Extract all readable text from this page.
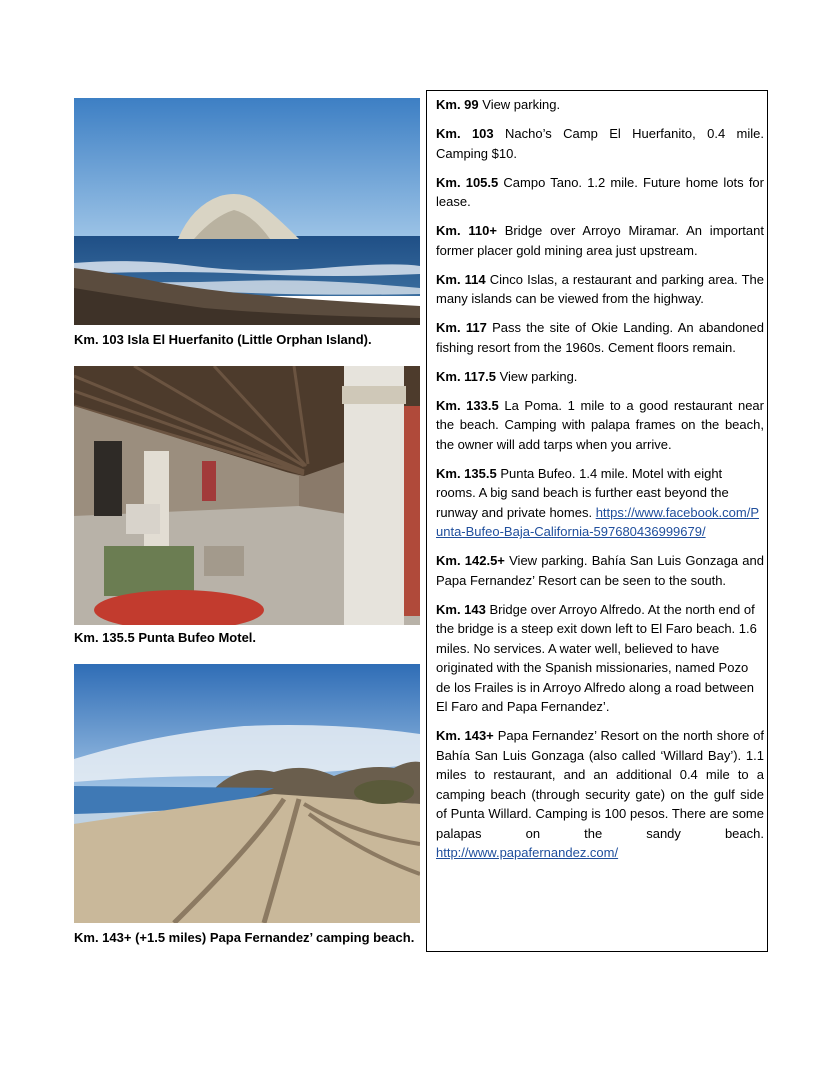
Km. 103 Isla El Huerfanito (Little Orphan Island).
Km. 135.5 Punta Bufeo Motel.
Km. 143+ (+1.5 miles) Papa Fernandez’ camping beach.

Km. 99 View parking.

Km. 103 Nacho’s Camp El Huerfanito, 0.4 mile. Camping $10.

Km. 105.5 Campo Tano. 1.2 mile. Future home lots for lease.

Km. 110+ Bridge over Arroyo Miramar. An important former placer gold mining area just upstream.

Km. 114 Cinco Islas, a restaurant and parking area. The many islands can be viewed from the highway.

Km. 117 Pass the site of Okie Landing. An abandoned fishing resort from the 1960s. Cement floors remain.

Km. 117.5 View parking.

Km. 133.5 La Poma. 1 mile to a good restaurant near the beach. Camping with palapa frames on the beach, the owner will add tarps when you arrive.

Km. 135.5 Punta Bufeo. 1.4 mile. Motel with eight rooms. A big sand beach is further east beyond the runway and private homes. https://www.facebook.com/Punta-Bufeo-Baja-California-597680436999679/

Km. 142.5+ View parking. Bahía San Luis Gonzaga and Papa Fernandez’ Resort can be seen to the south.

Km. 143 Bridge over Arroyo Alfredo. At the north end of the bridge is a steep exit down left to El Faro beach. 1.6 miles. No services. A water well, believed to have originated with the Spanish missionaries, named Pozo de los Frailes is in Arroyo Alfredo along a road between El Faro and Papa Fernandez’.

Km. 143+ Papa Fernandez’ Resort on the north shore of Bahía San Luis Gonzaga (also called ‘Willard Bay’). 1.1 miles to restaurant, and an additional 0.4 mile to a camping beach (through security gate) on the gulf side of Punta Willard. Camping is 100 pesos. There are some palapas on the sandy beach. http://www.papafernandez.com/
